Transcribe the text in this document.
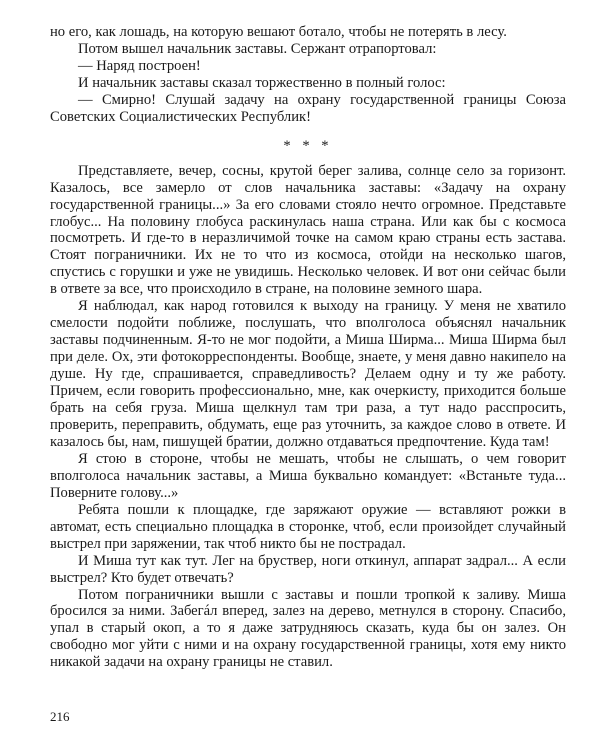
но его, как лошадь, на которую вешают ботало, чтобы не потерять в лесу.

Потом вышел начальник заставы. Сержант отрапортовал:

— Наряд построен!

И начальник заставы сказал торжественно в полный голос:

— Смирно! Слушай задачу на охрану государственной границы Союза Советских Социалистических Республик!

* * *

Представляете, вечер, сосны, крутой берег залива, солнце село за горизонт. Казалось, все замерло от слов начальника заставы: «Задачу на охрану государственной границы...» За его словами стояло нечто огромное. Представьте глобус... На половину глобуса раскинулась наша страна. Или как бы с космоса посмотреть. И где-то в неразличимой точке на самом краю страны есть застава. Стоят пограничники. Их не то что из космоса, отойди на несколько шагов, спустись с горушки и уже не увидишь. Несколько человек. И вот они сейчас были в ответе за все, что происходило в стране, на половине земного шара.

Я наблюдал, как народ готовился к выходу на границу. У меня не хватило смелости подойти поближе, послушать, что вполголоса объяснял начальник заставы подчиненным. Я-то не мог подойти, а Миша Ширма... Миша Ширма был при деле. Ох, эти фотокорреспонденты. Вообще, знаете, у меня давно накипело на душе. Ну где, спрашивается, справедливость? Делаем одну и ту же работу. Причем, если говорить профессионально, мне, как очеркисту, приходится больше брать на себя груза. Миша щелкнул там три раза, а тут надо расспросить, проверить, переправить, обдумать, еще раз уточнить, за каждое слово в ответе. И казалось бы, нам, пишущей братии, должно отдаваться предпочтение. Куда там!

Я стою в стороне, чтобы не мешать, чтобы не слышать, о чем говорит вполголоса начальник заставы, а Миша буквально командует: «Встаньте туда... Поверните голову...»

Ребята пошли к площадке, где заряжают оружие — вставляют рожки в автомат, есть специально площадка в сторонке, чтоб, если произойдет случайный выстрел при заряжении, так чтоб никто бы не пострадал.

И Миша тут как тут. Лег на бруствер, ноги откинул, аппарат задрал... А если выстрел? Кто будет отвечать?

Потом пограничники вышли с заставы и пошли тропкой к заливу. Миша бросился за ними. Забегáл вперед, залез на дерево, метнулся в сторону. Спасибо, упал в старый окоп, а то я даже затрудняюсь сказать, куда бы он залез. Он свободно мог уйти с ними и на охрану государственной границы, хотя ему никто никакой задачи на охрану границы не ставил.

216
